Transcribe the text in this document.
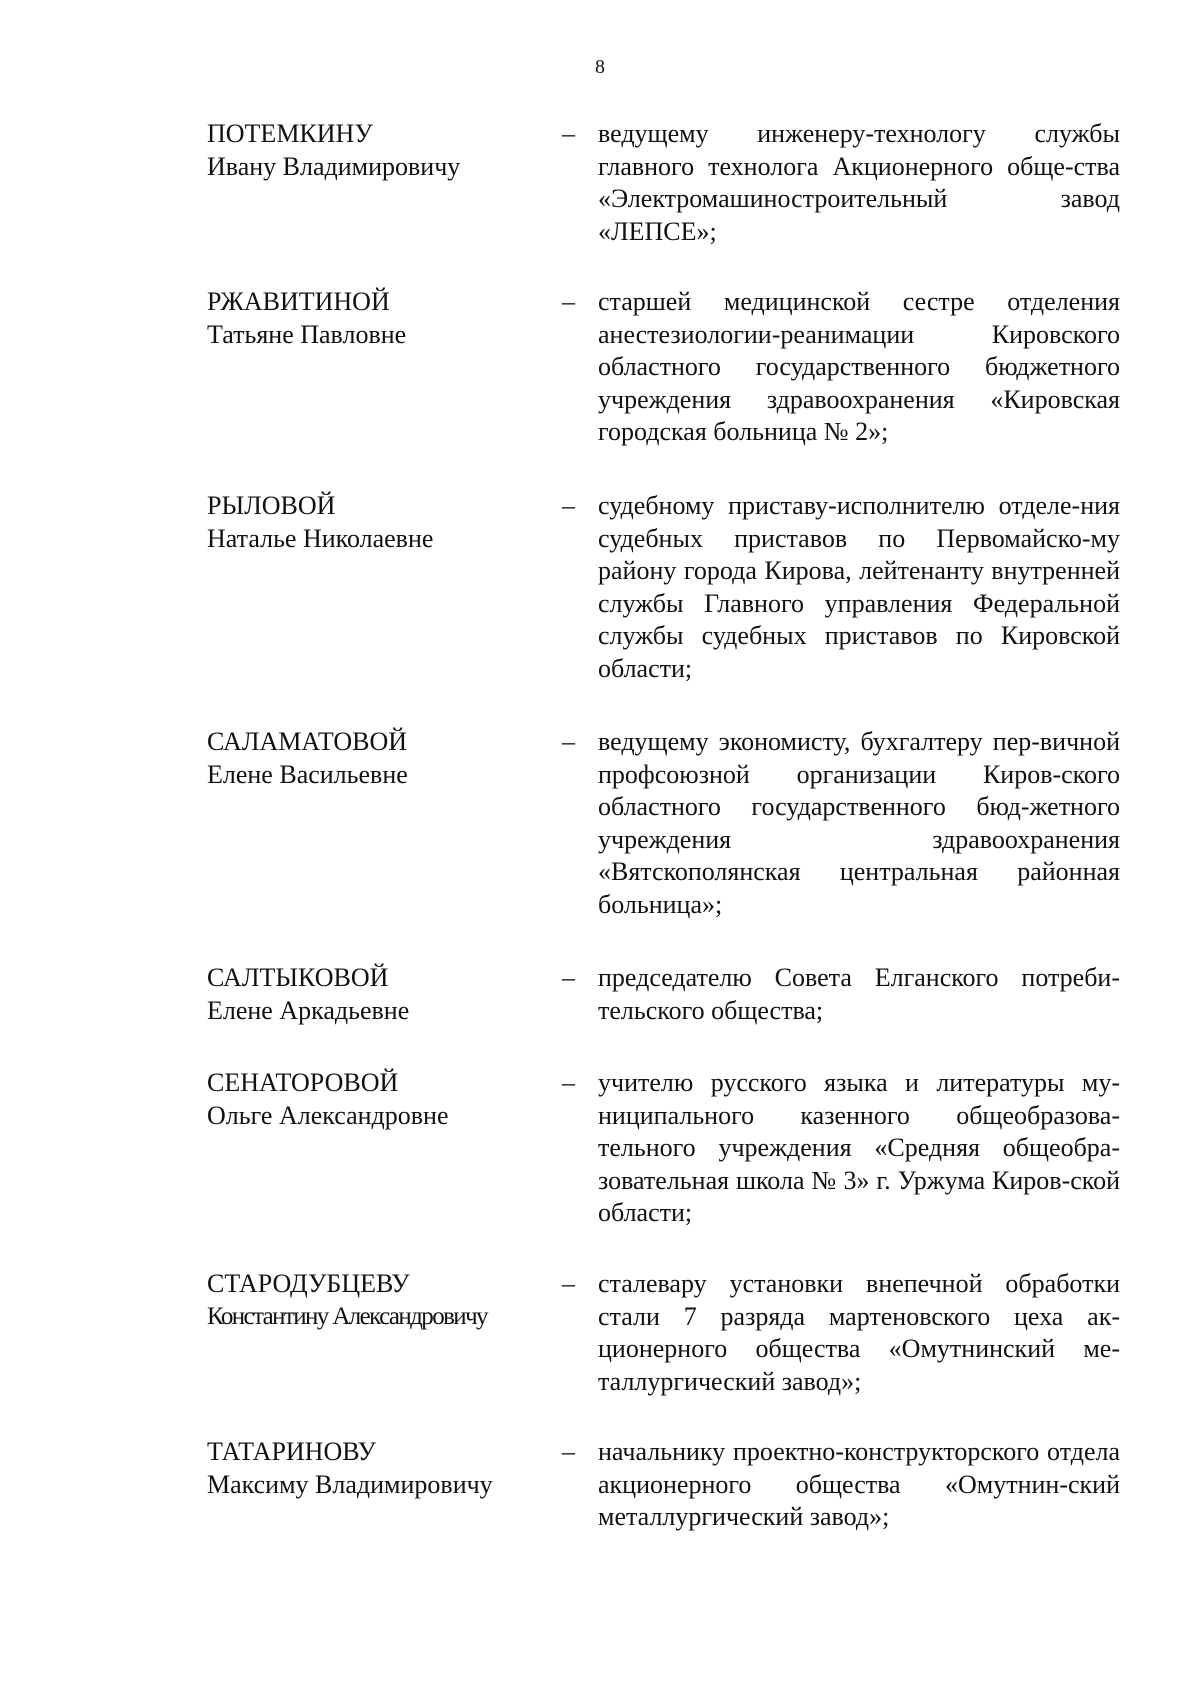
8
ПОТЕМКИНУ
Ивану Владимировичу
– ведущему инженеру-технологу службы главного технолога Акционерного обще-ства «Электромашиностроительный завод «ЛЕПСЕ»;
РЖАВИТИНОЙ
Татьяне Павловне
– старшей медицинской сестре отделения анестезиологии-реанимации Кировского областного государственного бюджетного учреждения здравоохранения «Кировская городская больница № 2»;
РЫЛОВОЙ
Наталье Николаевне
– судебному приставу-исполнителю отделе-ния судебных приставов по Первомайско-му району города Кирова, лейтенанту внутренней службы Главного управления Федеральной службы судебных приставов по Кировской области;
САЛАМАТОВОЙ
Елене Васильевне
– ведущему экономисту, бухгалтеру пер-вичной профсоюзной организации Киров-ского областного государственного бюд-жетного учреждения здравоохранения «Вятскополянская центральная районная больница»;
САЛТЫКОВОЙ
Елене Аркадьевне
– председателю Совета Елганского потреби-тельского общества;
СЕНАТОРОВОЙ
Ольге Александровне
– учителю русского языка и литературы му-ниципального казенного общеобразова-тельного учреждения «Средняя общеобра-зовательная школа № 3» г. Уржума Киров-ской области;
СТАРОДУБЦЕВУ
Константину Александровичу
– сталевару установки внепечной обработки стали 7 разряда мартеновского цеха ак-ционерного общества «Омутнинский ме-таллургический завод»;
ТАТАРИНОВУ
Максиму Владимировичу
– начальнику проектно-конструкторского отдела акционерного общества «Омутнин-ский металлургический завод»;
